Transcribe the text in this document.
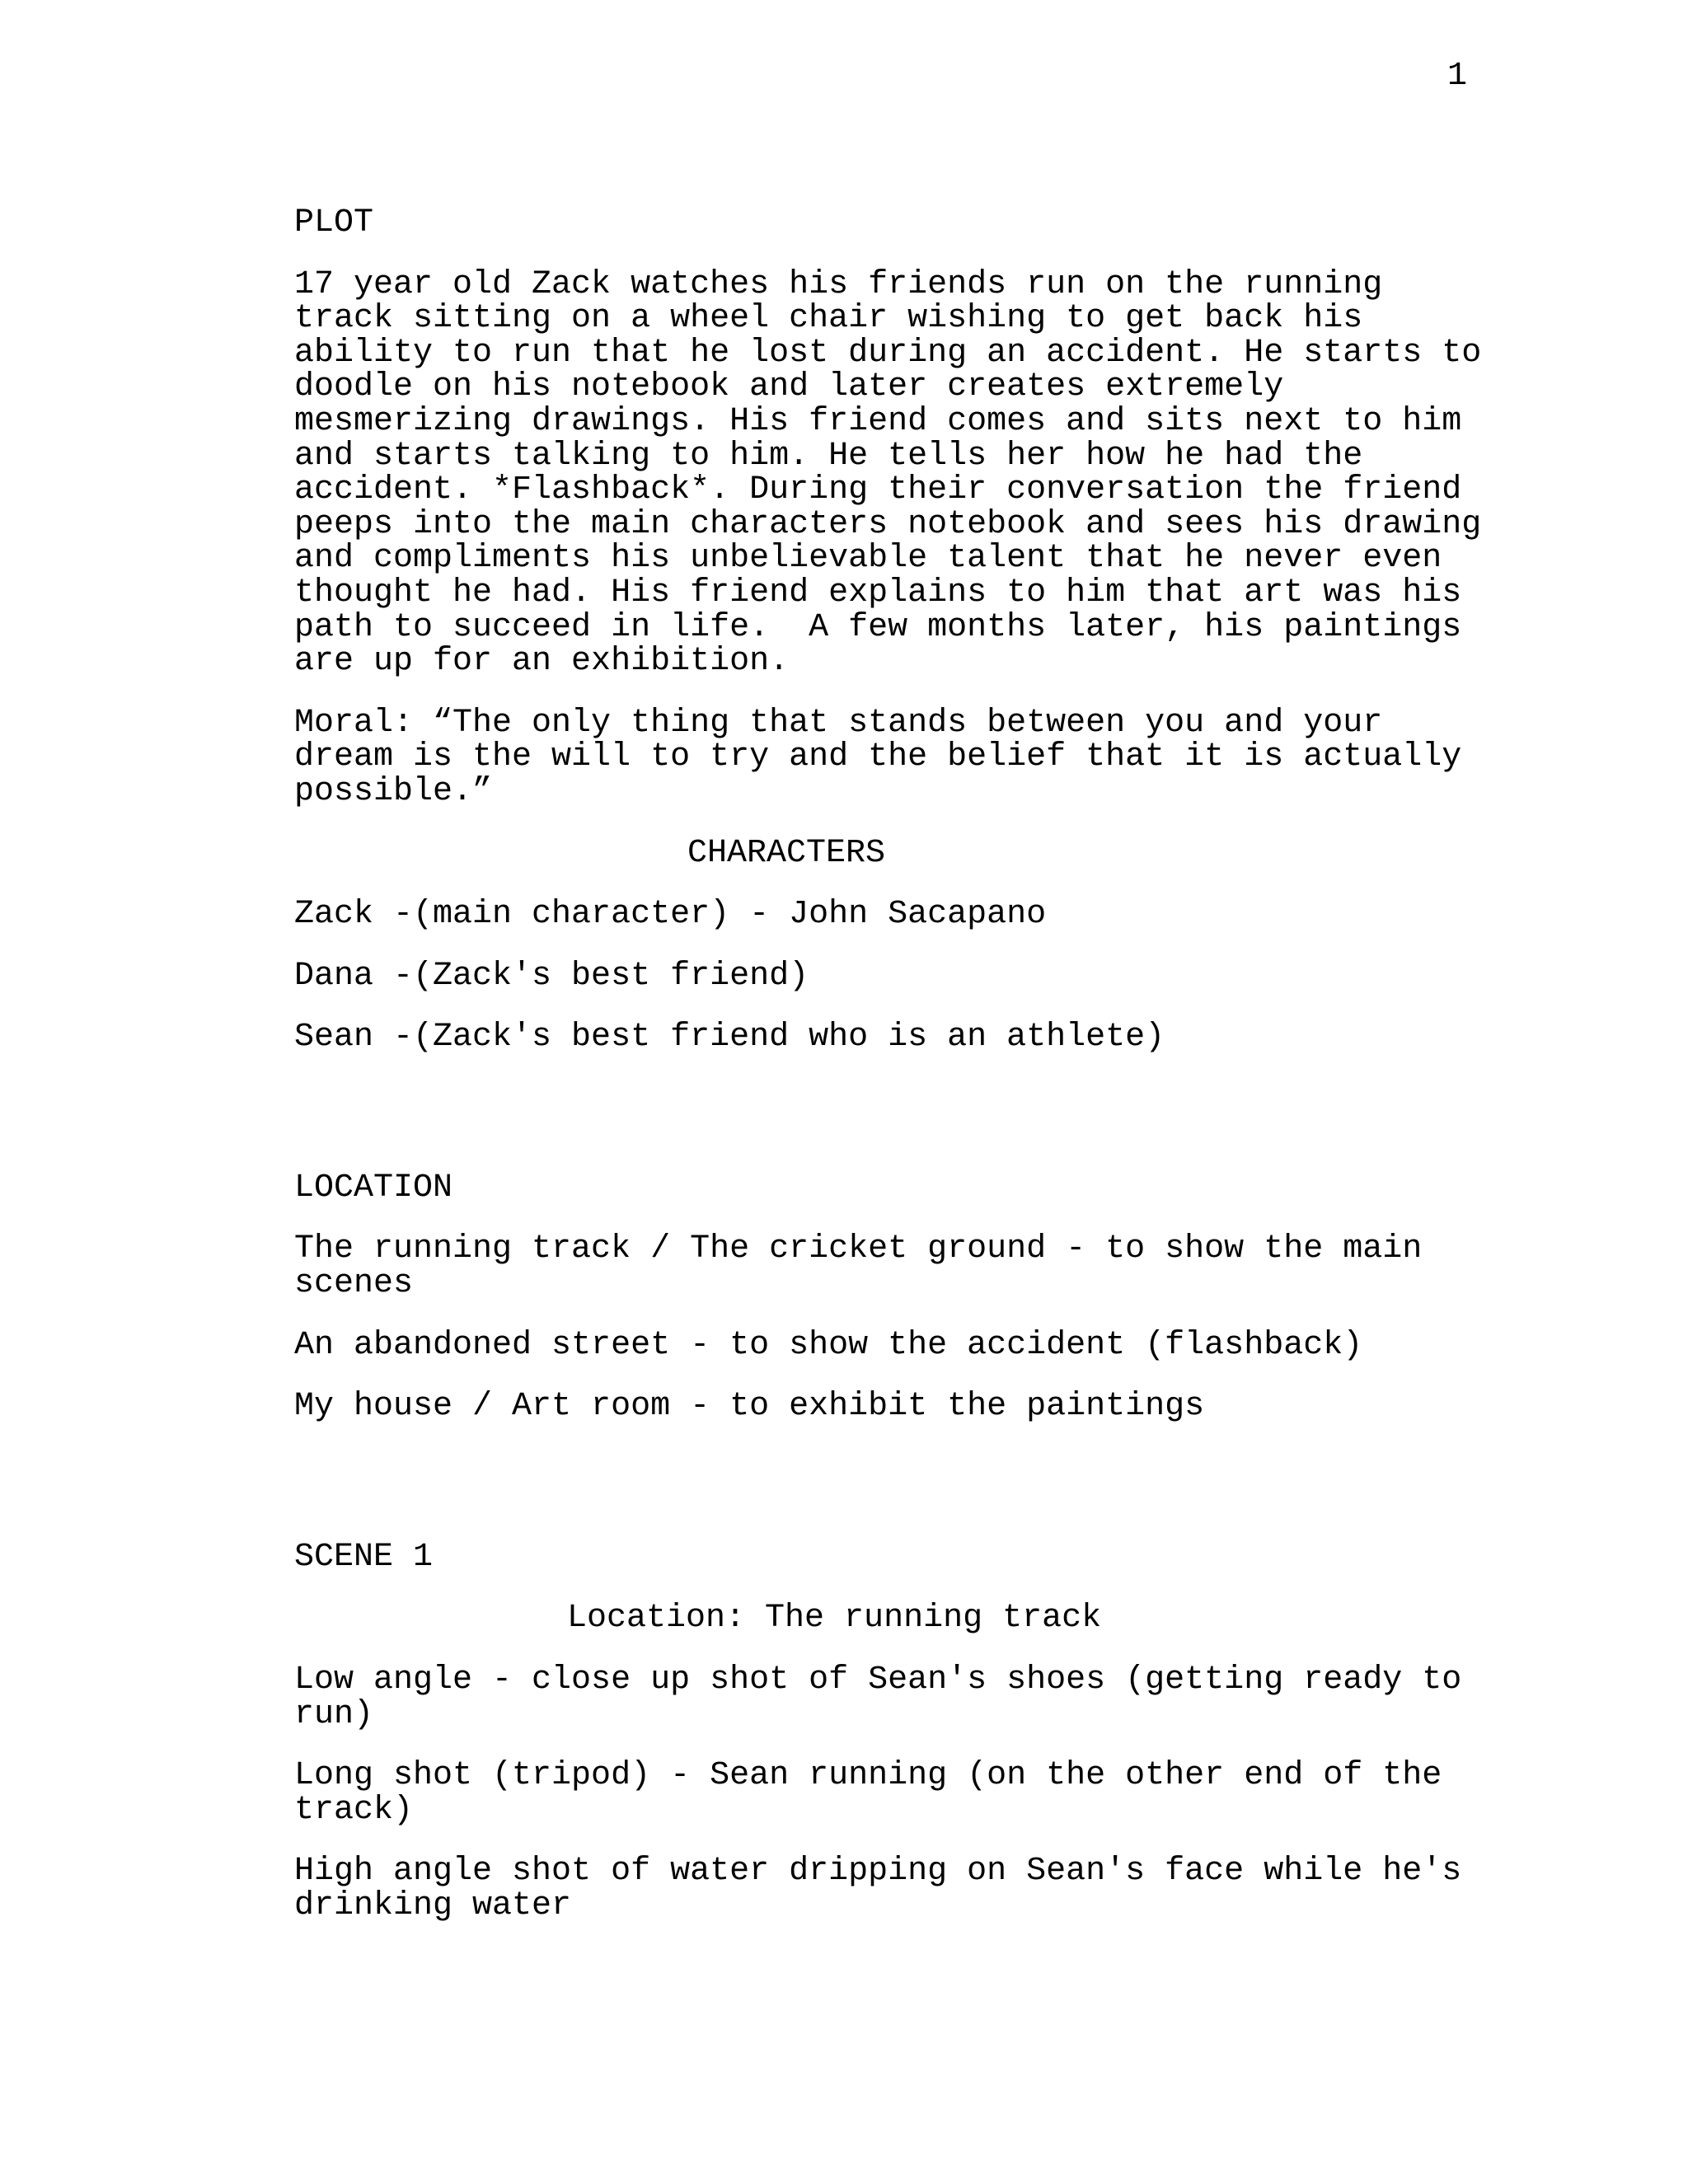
1

PLOT

17 year old Zack watches his friends run on the running
track sitting on a wheel chair wishing to get back his
ability to run that he lost during an accident. He starts to
doodle on his notebook and later creates extremely
mesmerizing drawings. His friend comes and sits next to him
and starts talking to him. He tells her how he had the
accident. *Flashback*. During their conversation the friend
peeps into the main characters notebook and sees his drawing
and compliments his unbelievable talent that he never even
thought he had. His friend explains to him that art was his
path to succeed in life.  A few months later, his paintings
are up for an exhibition.
Moral: “The only thing that stands between you and your
dream is the will to try and the belief that it is actually
possible.”

CHARACTERS

Zack -(main character) - John Sacapano

Dana -(Zack's best friend)

Sean -(Zack's best friend who is an athlete)

LOCATION

The running track / The cricket ground - to show the main
scenes
An abandoned street - to show the accident (flashback)
My house / Art room - to exhibit the paintings

SCENE 1

Location: The running track

Low angle - close up shot of Sean's shoes (getting ready to
run)
Long shot (tripod) - Sean running (on the other end of the
track)
High angle shot of water dripping on Sean's face while he's
drinking water
